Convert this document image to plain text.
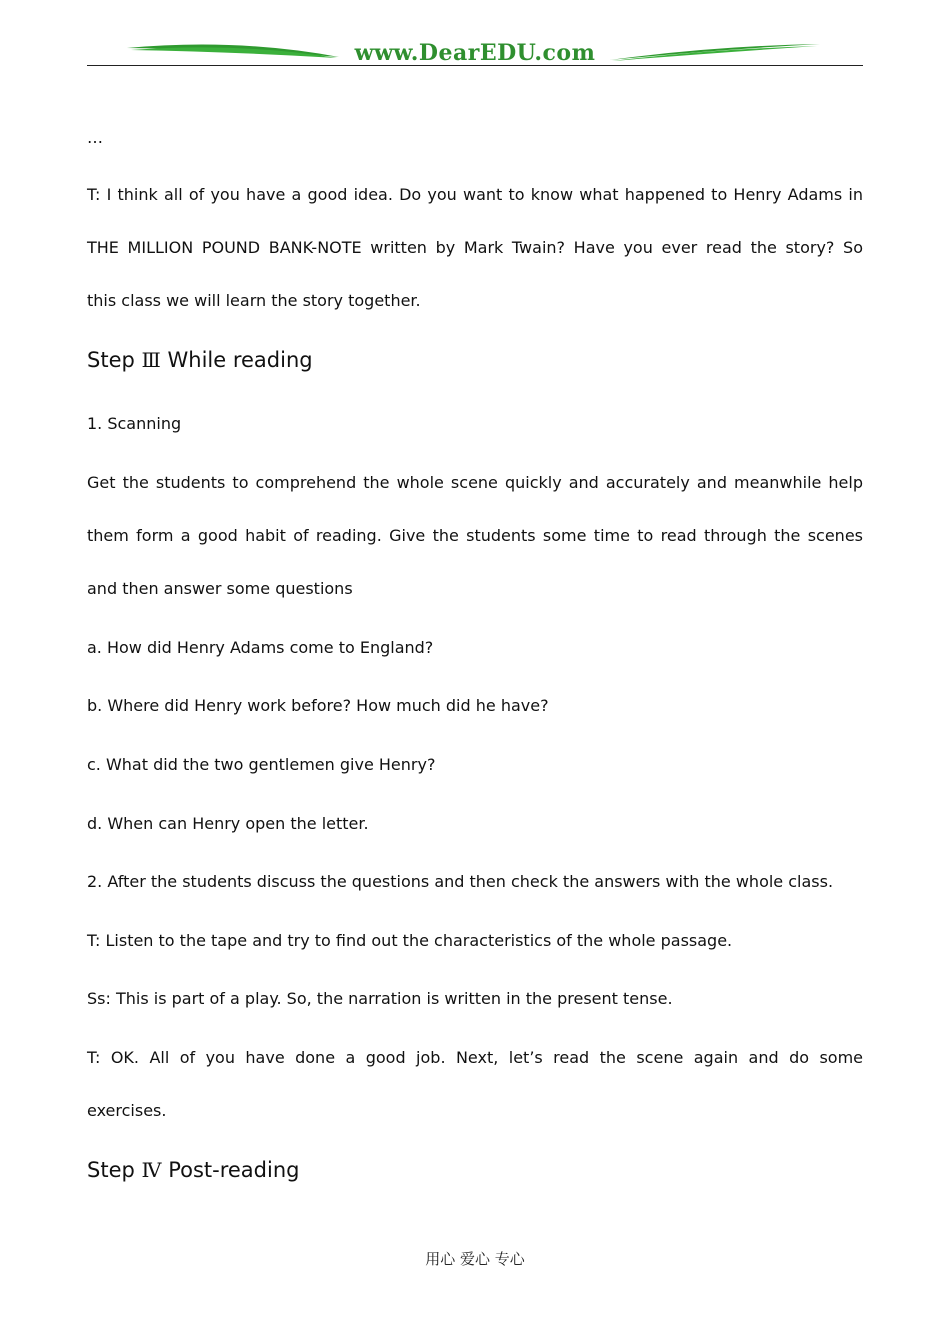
www.DearEDU.com
…
T: I think all of you have a good idea. Do you want to know what happened to Henry Adams in
THE MILLION POUND BANK-NOTE written by Mark Twain? Have you ever read the story? So
this class we will learn the story together.
Step Ⅲ While reading
1. Scanning
Get the students to comprehend the whole scene quickly and accurately and meanwhile help
them form a good habit of reading. Give the students some time to read through the scenes
and then answer some questions
a. How did Henry Adams come to England?
b. Where did Henry work before? How much did he have?
c. What did the two gentlemen give Henry?
d. When can Henry open the letter.
2. After the students discuss the questions and then check the answers with the whole class.
T: Listen to the tape and try to find out the characteristics of the whole passage.
Ss: This is part of a play. So, the narration is written in the present tense.
T: OK. All of you have done a good job. Next, let’s read the scene again and do some
exercises.
Step Ⅳ Post-reading
用心 爱心 专心
